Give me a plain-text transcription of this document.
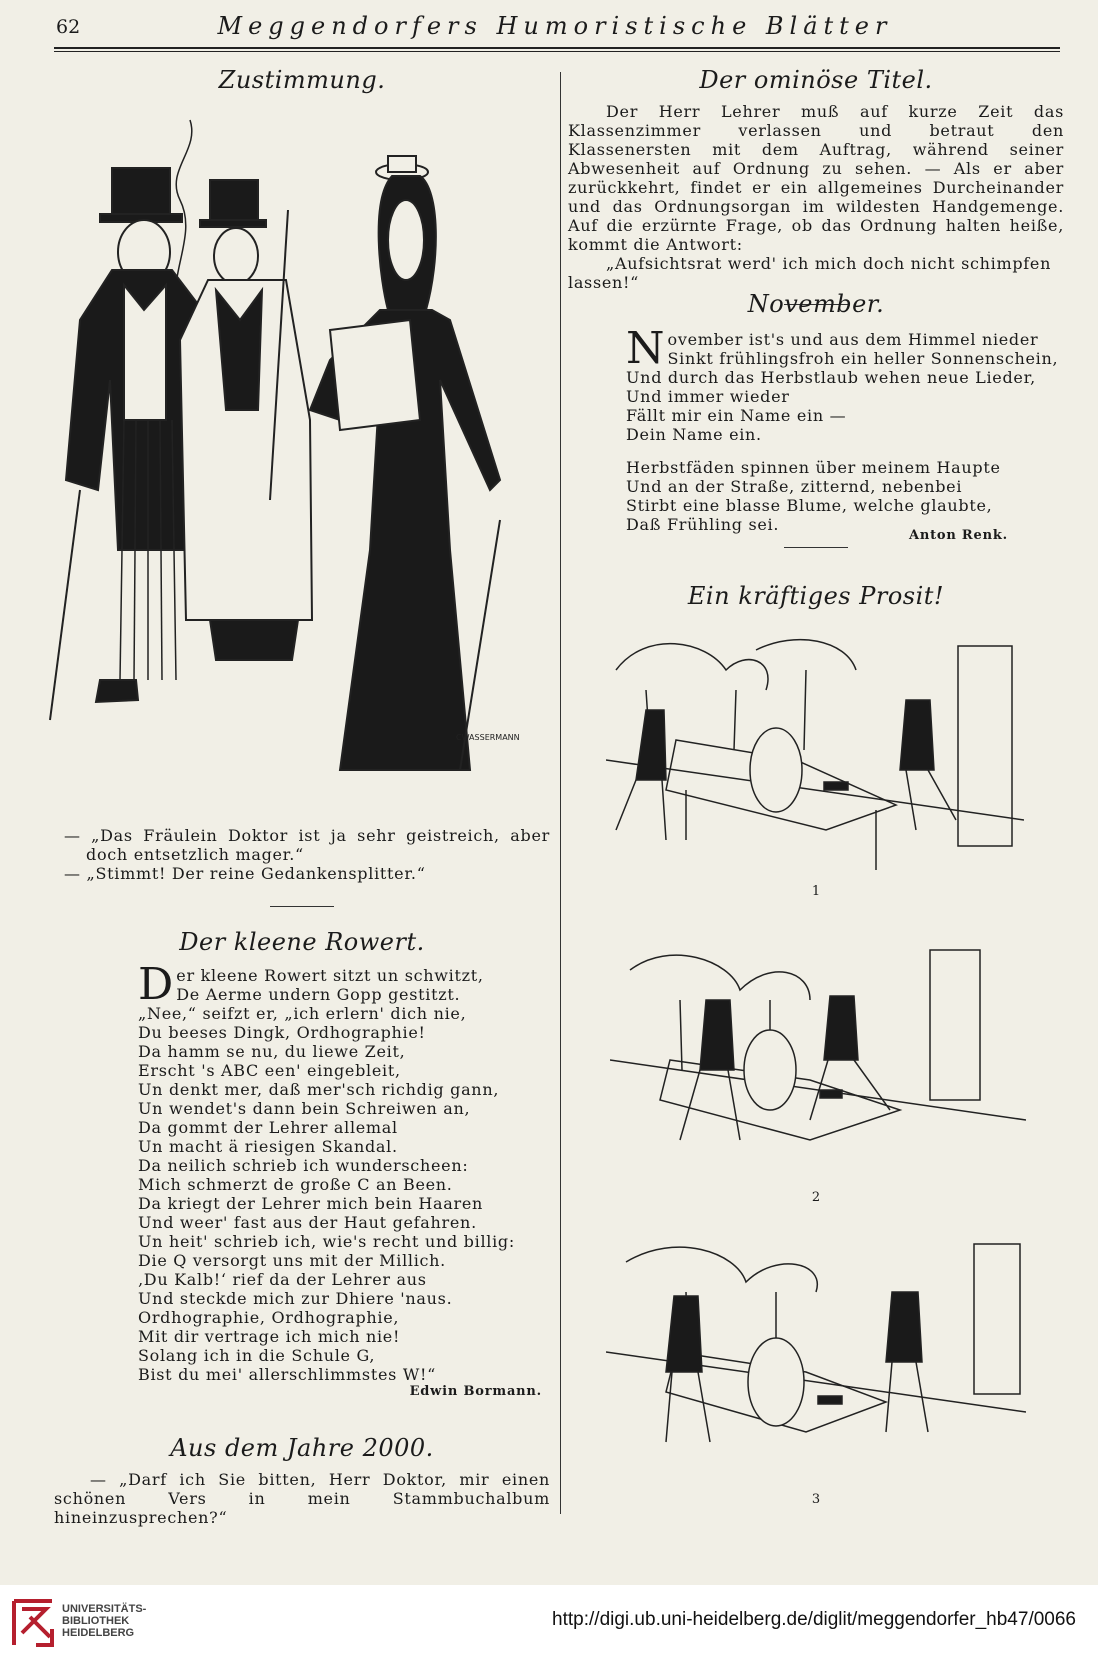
62	Meggendorfers Humoristische Blätter
Zustimmung.
CWASSERMANN

— „Das Fräulein Doktor ist ja sehr geistreich, aber doch entsetzlich mager.“

— „Stimmt! Der reine Gedankensplitter.“

Der kleene Rowert.
D er kleene Rowert sitzt un schwitzt,
De Aerme undern Gopp gestitzt.
„Nee,“ seifzt er, „ich erlern' dich nie,
Du beeses Dingk, Ordhographie!
Da hamm se nu, du liewe Zeit,
Erscht 's ABC een' eingebleit,
Un denkt mer, daß mer'sch richdig gann,
Un wendet's dann bein Schreiwen an,
Da gommt der Lehrer allemal
Un macht ä riesigen Skandal.
Da neilich schrieb ich wunderscheen:
Mich schmerzt de große C an Been.
Da kriegt der Lehrer mich bein Haaren
Und weer' fast aus der Haut gefahren.
Un heit' schrieb ich, wie's recht und billig:
Die Q versorgt uns mit der Millich.
‚Du Kalb!‘ rief da der Lehrer aus
Und steckde mich zur Dhiere 'naus.
Ordhographie, Ordhographie,
Mit dir vertrage ich mich nie!
Solang ich in die Schule G,
Bist du mei' allerschlimmstes W!“
Edwin Bormann.
Aus dem Jahre 2000.

— „Darf ich Sie bitten, Herr Doktor, mir einen schönen Vers in mein Stammbuchalbum hineinzusprechen?“

Der ominöse Titel.

Der Herr Lehrer muß auf kurze Zeit das Klassenzimmer verlassen und betraut den Klassenersten mit dem Auftrag, während seiner Abwesenheit auf Ordnung zu sehen. — Als er aber zurückkehrt, findet er ein allgemeines Durcheinander und das Ordnungsorgan im wildesten Handgemenge. Auf die erzürnte Frage, ob das Ordnung halten heiße, kommt die Antwort:

„Aufsichtsrat werd' ich mich doch nicht schimpfen lassen!“

November.
N ovember ist's und aus dem Himmel nieder
Sinkt frühlingsfroh ein heller Sonnenschein,
Und durch das Herbstlaub wehen neue Lieder,
Und immer wieder
Fällt mir ein Name ein —
Dein Name ein.
Herbstfäden spinnen über meinem Haupte
Und an der Straße, zitternd, nebenbei
Stirbt eine blasse Blume, welche glaubte,
Daß Frühling sei.
Anton Renk.
Ein kräftiges Prosit!
1
2
3
UNIVERSITÄTS-
BIBLIOTHEK
HEIDELBERG
http://digi.ub.uni-heidelberg.de/diglit/meggendorfer_hb47/0066
